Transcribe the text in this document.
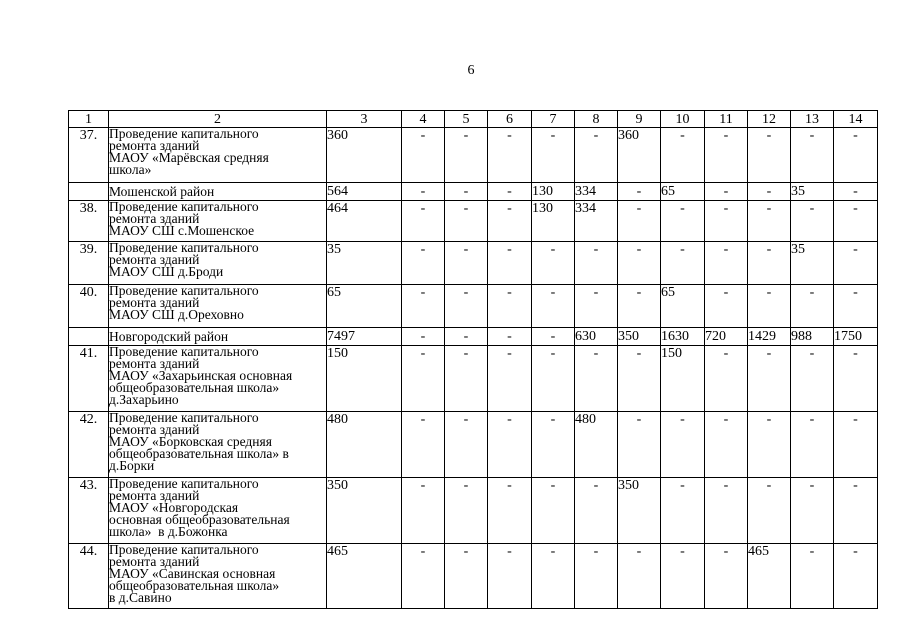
6
1	2	3	4	5	6	7	8	9	10	11	12	13	14
37.	Проведение капитального
ремонта зданий
МАОУ «Марёвская средняя
школа»	360	-	-	-	-	-	360	-	-	-	-	-

	Мошенской район	564	-	-	-	130	334	-	65	-	-	35	-
38.	Проведение капитального
ремонта зданий
МАОУ СШ с.Мошенское	464	-	-	-	130	334	-	-	-	-	-	-
39.	Проведение капитального
ремонта зданий
МАОУ СШ д.Броди	35	-	-	-	-	-	-	-	-	-	35	-
40.	Проведение капитального
ремонта зданий
МАОУ СШ д.Ореховно	65	-	-	-	-	-	-	65	-	-	-	-

	Новгородский район	7497	-	-	-	-	630	350	1630	720	1429	988	1750
41.	Проведение капитального
ремонта зданий
МАОУ «Захарьинская основная
общеобразовательная школа»
д.Захарьино	150	-	-	-	-	-	-	150	-	-	-	-
42.	Проведение капитального
ремонта зданий
МАОУ «Борковская средняя
общеобразовательная школа» в
д.Борки	480	-	-	-	-	480	-	-	-	-	-	-
43.	Проведение капитального
ремонта зданий
МАОУ «Новгородская
основная общеобразовательная
школа»  в д.Божонка	350	-	-	-	-	-	350	-	-	-	-	-
44.	Проведение капитального
ремонта зданий
МАОУ «Савинская основная
общеобразовательная школа»
в д.Савино	465	-	-	-	-	-	-	-	-	465	-	-
